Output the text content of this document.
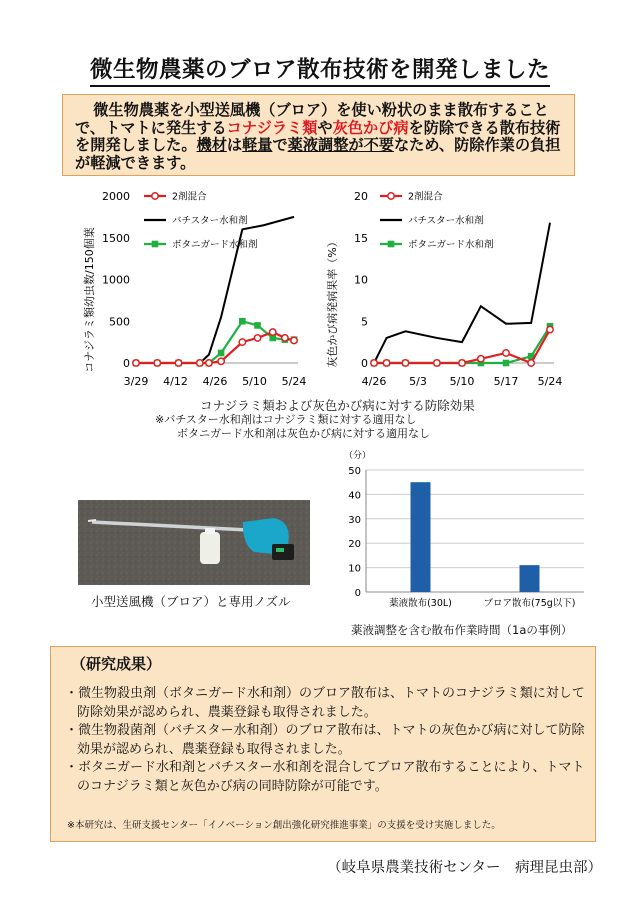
微生物農薬のブロア散布技術を開発しました
微生物農薬を小型送風機（ブロア）を使い粉状のまま散布することで、トマトに発生するコナジラミ類や灰色かび病を防除できる散布技術を開発しました。機材は軽量で薬液調整が不要なため、防除作業の負担が軽減できます。
コナジラミ類幼虫数/150個葉 0
500
1000
1500
2000
3/29 4/12 4/26 5/10 5/24
2剤混合
バチスター水和剤
ボタニガード水和剤	灰色かび病発病果率（%） 0
5
10
15
20
4/26 5/3 5/10 5/17 5/24
2剤混合
バチスター水和剤
ボタニガード水和剤
コナジラミ類および灰色かび病に対する防除効果
※バチスター水和剤はコナジラミ類に対する適用なし
ボタニガード水和剤は灰色かび病に対する適用なし
小型送風機（ブロア）と専用ノズル
（分）
0
10
20
30
40
50
薬液散布(30L)	ブロア散布(75g以下)
薬液調整を含む散布作業時間（1aの事例）
（研究成果）
・ 微生物殺虫剤（ボタニガード水和剤）のブロア散布は、トマトのコナジラミ類に対して防除効果が認められ、農薬登録も取得されました。
・ 微生物殺菌剤（バチスター水和剤）のブロア散布は、トマトの灰色かび病に対して防除効果が認められ、農薬登録も取得されました。
・ ボタニガード水和剤とバチスター水和剤を混合してブロア散布することにより、トマトのコナジラミ類と灰色かび病の同時防除が可能です。
※本研究は、生研支援センター「イノベーション創出強化研究推進事業」の支援を受け実施しました。
（岐阜県農業技術センター　病理昆虫部）
